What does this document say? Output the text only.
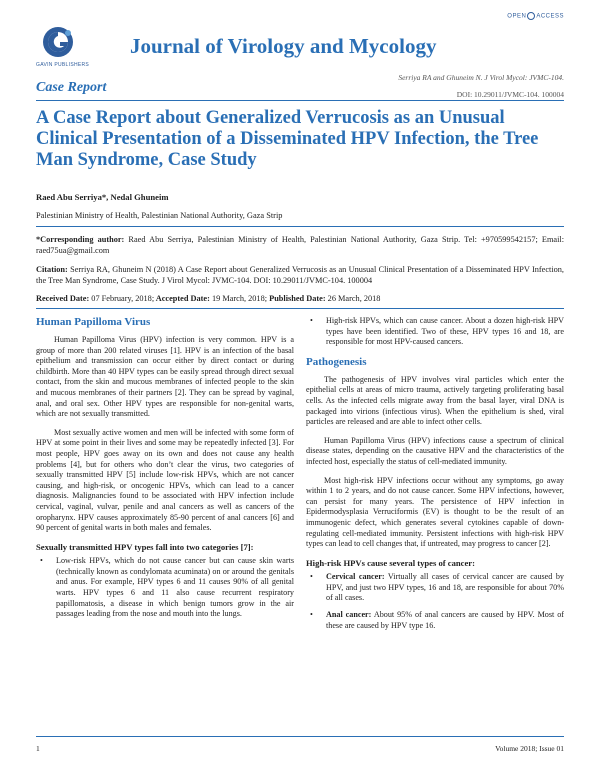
GAVIN PUBLISHERS
OPEN ACCESS
Journal of Virology and Mycology
Serriya RA and Ghuneim N. J Virol Mycol: JVMC-104.
Case Report	DOI: 10.29011/JVMC-104. 100004
A Case Report about Generalized Verrucosis as an Unusual Clinical Presentation of a Disseminated HPV Infection, the Tree Man Syndrome, Case Study
Raed Abu Serriya*, Nedal Ghuneim
Palestinian Ministry of Health, Palestinian National Authority, Gaza Strip
*Corresponding author: Raed Abu Serriya, Palestinian Ministry of Health, Palestinian National Authority, Gaza Strip. Tel: +970599542157; Email: raed75ua@gmail.com
Citation: Serriya RA, Ghuneim N (2018) A Case Report about Generalized Verrucosis as an Unusual Clinical Presentation of a Disseminated HPV Infection, the Tree Man Syndrome, Case Study. J Virol Mycol: JVMC-104. DOI: 10.29011/JVMC-104. 100004
Received Date: 07 February, 2018; Accepted Date: 19 March, 2018; Published Date: 26 March, 2018
Human Papilloma Virus

Human Papilloma Virus (HPV) infection is very common. HPV is a group of more than 200 related viruses [1]. HPV is an infection of the basal epithelium and transmission can occur either by direct contact or during childbirth. More than 40 HPV types can be easily spread through direct sexual contact, from the skin and mucous membranes of infected people to the skin and mucous membranes of their partners [2]. They can be spread by vaginal, anal, and oral sex. Other HPV types are responsible for non-genital warts, which are not sexually transmitted.

Most sexually active women and men will be infected with some form of HPV at some point in their lives and some may be repeatedly infected [3]. For most people, HPV goes away on its own and does not cause any health problems [4], but for others who don’t clear the virus, two categories of sexually transmitted HPV [5] include low-risk HPVs, which are not cancer causing, and high-risk, or oncogenic HPVs, which can lead to a cancer diagnosis. Malignancies found to be associated with HPV infection include cervical, vaginal, vulvar, penile and anal cancers as well as cancers of the oropharynx. HPV causes approximately 85-90 percent of anal cancers [6] and 90 percent of genital warts in both males and females.

Sexually transmitted HPV types fall into two categories [7]:
• Low-risk HPVs, which do not cause cancer but can cause skin warts (technically known as condylomata acuminata) on or around the genitals and anus. For example, HPV types 6 and 11 causes 90% of all genital warts. HPV types 6 and 11 also cause recurrent respiratory papillomatosis, a disease in which benign tumors grow in the air passages leading from the nose and mouth into the lungs.
• High-risk HPVs, which can cause cancer. About a dozen high-risk HPV types have been identified. Two of these, HPV types 16 and 18, are responsible for most HPV-caused cancers.
Pathogenesis

The pathogenesis of HPV involves viral particles which enter the epithelial cells at areas of micro trauma, actively targeting proliferating basal cells. As the infected cells migrate away from the basal layer, viral DNA is packaged into virions (infectious virus). When the epithelium is shed, viral particles are released and are able to infect other cells.

Human Papilloma Virus (HPV) infections cause a spectrum of clinical disease states, depending on the causative HPV and the characteristics of the infected host, especially the status of cell-mediated immunity.

Most high-risk HPV infections occur without any symptoms, go away within 1 to 2 years, and do not cause cancer. Some HPV infections, however, can persist for many years. The persistence of HPV infection in Epidermodysplasia Verruciformis (EV) is thought to be the result of an immunogenic defect, which generates several cytokines capable of down-regulating cell-mediated immunity. Persistent infections with high-risk HPV types can lead to cell changes that, if untreated, may progress to cancer [2].

High-risk HPVs cause several types of cancer:
• Cervical cancer: Virtually all cases of cervical cancer are caused by HPV, and just two HPV types, 16 and 18, are responsible for about 70% of all cases.
• Anal cancer: About 95% of anal cancers are caused by HPV. Most of these are caused by HPV type 16.
1	Volume 2018; Issue 01
